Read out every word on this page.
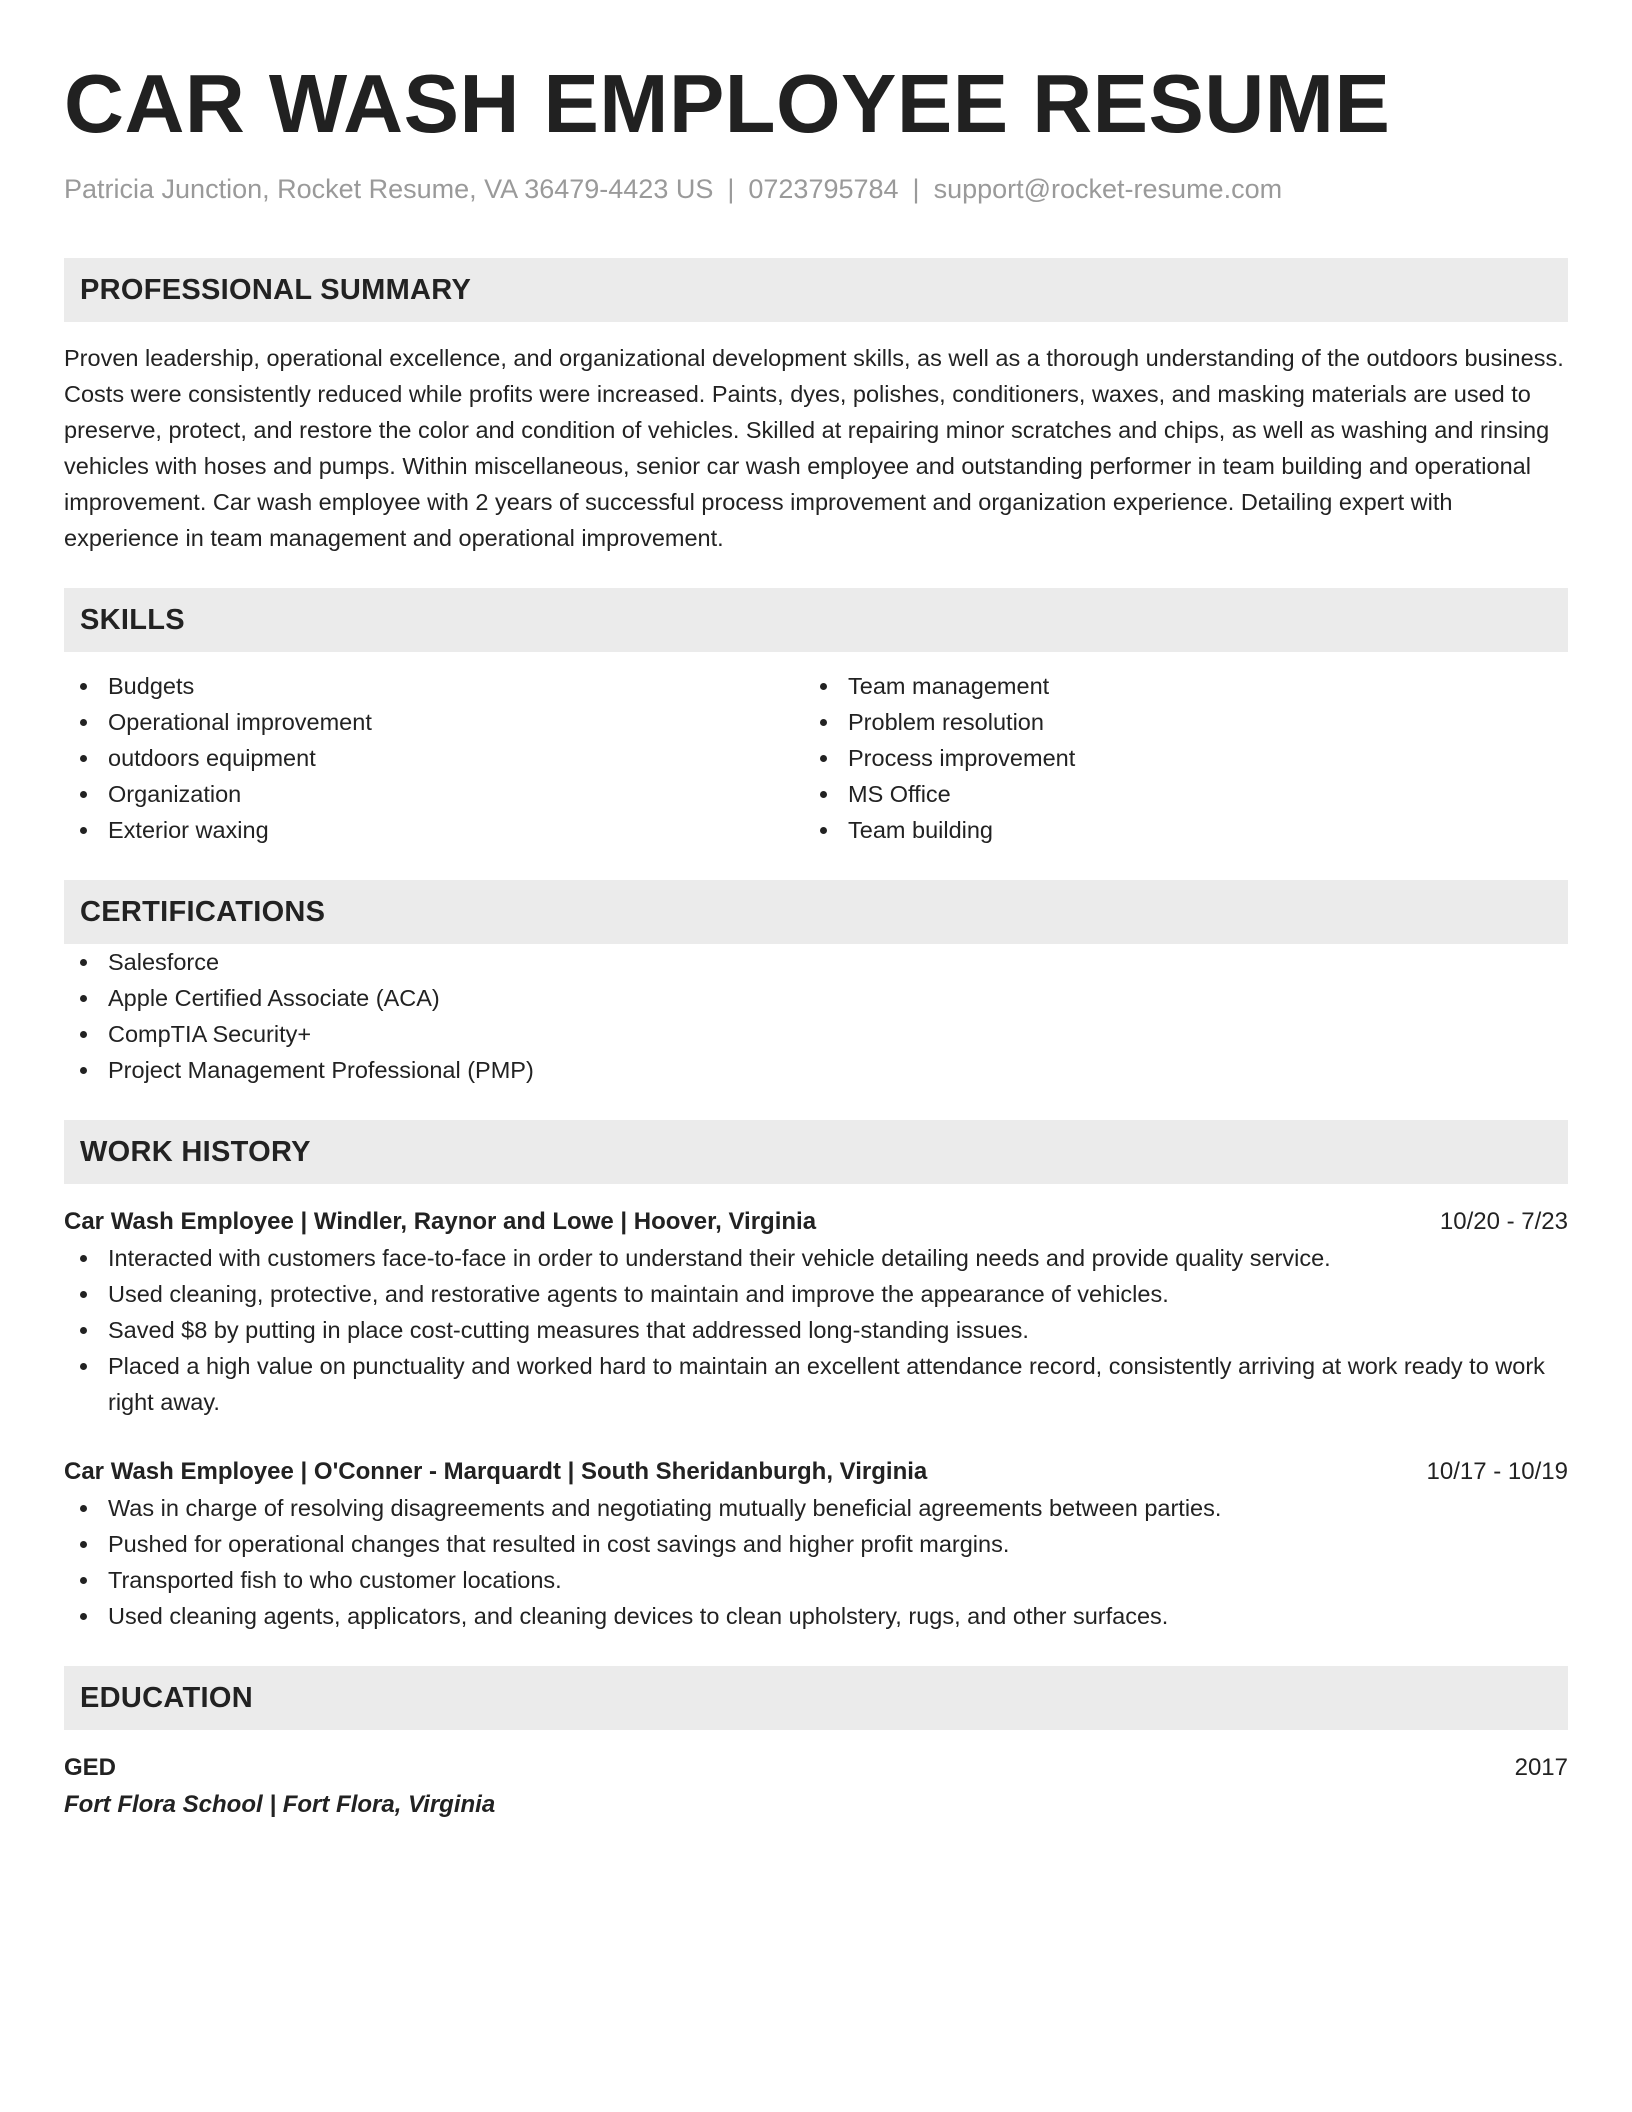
CAR WASH EMPLOYEE RESUME
Patricia Junction, Rocket Resume, VA 36479-4423 US | 0723795784 | support@rocket-resume.com
PROFESSIONAL SUMMARY
Proven leadership, operational excellence, and organizational development skills, as well as a thorough understanding of the outdoors business. Costs were consistently reduced while profits were increased. Paints, dyes, polishes, conditioners, waxes, and masking materials are used to preserve, protect, and restore the color and condition of vehicles. Skilled at repairing minor scratches and chips, as well as washing and rinsing vehicles with hoses and pumps. Within miscellaneous, senior car wash employee and outstanding performer in team building and operational improvement. Car wash employee with 2 years of successful process improvement and organization experience. Detailing expert with experience in team management and operational improvement.
SKILLS
Budgets
Operational improvement
outdoors equipment
Organization
Exterior waxing
Team management
Problem resolution
Process improvement
MS Office
Team building
CERTIFICATIONS
Salesforce
Apple Certified Associate (ACA)
CompTIA Security+
Project Management Professional (PMP)
WORK HISTORY
Car Wash Employee | Windler, Raynor and Lowe | Hoover, Virginia	10/20 - 7/23
Interacted with customers face-to-face in order to understand their vehicle detailing needs and provide quality service.
Used cleaning, protective, and restorative agents to maintain and improve the appearance of vehicles.
Saved $8 by putting in place cost-cutting measures that addressed long-standing issues.
Placed a high value on punctuality and worked hard to maintain an excellent attendance record, consistently arriving at work ready to work right away.
Car Wash Employee | O'Conner - Marquardt | South Sheridanburgh, Virginia	10/17 - 10/19
Was in charge of resolving disagreements and negotiating mutually beneficial agreements between parties.
Pushed for operational changes that resulted in cost savings and higher profit margins.
Transported fish to who customer locations.
Used cleaning agents, applicators, and cleaning devices to clean upholstery, rugs, and other surfaces.
EDUCATION
GED	2017
Fort Flora School | Fort Flora, Virginia
